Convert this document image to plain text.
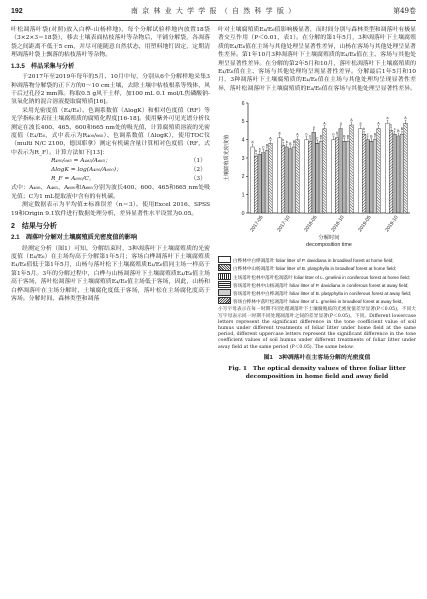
192	南 京 林 业 大 学 学 报 （ 自 然 科 学 版 ）	第49卷

叶松凋落叶袋(对照)放入白桦-山杨样地)，每个分解试验样地内放置18袋（3×2×3＝18袋），移去土壤表面枯枝落叶等杂物后，平铺分解袋，各凋落袋之间距离不低于5 cm，并尽可能随意自然状态，用塑料地钉固定，定期清理凋落叶袋上飘落的枯枝落叶等杂物。

1.3.5　样品采集与分析

于2017年至2019年每年的5月、10月中旬，分别从6个分解样地采集3种凋落物分解袋的正下方的0～10 cm土壤，去除土壤中枯枝根系等残体，风干后过孔径2 mm筛。称取0.5 g风干土样，加100 mL 0.1 mol/L焦磷酸钠-氢氧化钠的混合溶液提取腐殖质[16]。

采用光密度值（E₄/E₆）、色调系数值（ΔlogK）和相对色度值（RF）等光学指标来表征土壤腐殖质的腐殖化程度[16-18]。使用紫外可见光谱分析仪测定在波长400、465、600和665 nm处的吸光值，计算腐殖质溶液的光密度值（E₄/E₆，式中表示为R₄₀₀/₆₆₅）、色调系数值（ΔlogK），使用TOC仪（multi N/C 2100，德国耶拿）测定有机碳含量计算相对色度值（RF，式中表示为R_F）。计算方法如下[13]：

R₄₀₀/₆₆₅ = A₄₆₅/A₆₆₅；	（1）
ΔlogK = log(A₄₀₀/A₆₀₀)；	（2）
R_F = A₆₀₀/C。	（3）

式中：A₄₀₀、A₄₆₅、A₆₀₀和A₆₆₅分别为波长400、600、465和665 nm处吸光值；C为1 mL提取液中含有的有机碳。

测定数据表示为平均值±标准误差（n＝3）。使用Excel 2016、SPSS 19和Origin 9.1软件进行数据处理分析，差异显著性水平设置为0.05。

2　结果与分析
2.1　凋落叶分解对土壤腐殖质光密度值的影响

经测定分析（图1）可知，分解结束时，3种凋落叶下土壤腐殖质的光密度值（E₄/E₆）在主场均高于分解第1年5月；客场白桦凋落叶下土壤腐殖质E₄/E₆值低于第1年5月，山杨与落叶松下土壤腐殖质E₄/E₆值同主场一样高于第1年5月。3年的分解过程中，白桦与山杨凋落叶下土壤腐殖质E₄/E₆值主场高于客场，落叶松凋落叶下土壤腐殖质E₄/E₆值主场低于客场，因此，山杨和白桦凋落叶在主场分解时，土壤腐化度低于客场，落叶松在主场腐化度高于客场。分解时间、森林类型和凋落

叶对土壤腐殖质E₄/E₆值影响极显著，而时间分别与森林类型和凋落叶有极显著交互作用（P＜0.01，表1）。在分解的第1年5月，3种凋落叶下土壤腐殖质的E₄/E₆值在主场与其他处理呈显著性差异，山杨在客场与其他处理呈显著性差异。第1年10月3种凋落叶下土壤腐殖质的E₄/E₆值在主、客场与其他处理呈显著性差异。在分解的第2年5月和10月，落叶松凋落叶下土壤腐殖质的E₄/E₆值在主、客场与其他处理均呈现显著性差异。分解最后1年5月和10月，3种凋落叶下土壤腐殖质的E₄/E₆值在主场与其他处理均呈现显著性差异，落叶松凋落叶下土壤腐殖质的E₄/E₆值在客场与其他处理呈显著性差异。

0
1
2
3
4
5
6
土壤腐殖质光密度值	a
b b C B
A
2017-05
a
b b B B
A
2017-10
b b
a
C B
A
2018-05
b b
a
B B
A
2018-10
a
b
c B B
A
2019-05
a
b
c B B
A
2019-10
分解时间
decomposition time
白桦林中白桦凋落叶 foliar litter of P. davidiana in broadleaf forest at home field;
白桦林中山杨凋落叶 foliar litter of B. platyphylla in broadleaf forest at home field;
主场落叶松林中落叶松凋落叶 foliar litter of L. gmelinii in coniferous forest at home field;
客场落叶松林中山杨凋落叶 foliar litter of P. davidiana in coniferous forest at away field;
客场落叶松林中白桦凋落叶 foliar litter of B. platyphylla in coniferous forest at away field;
客场白桦林中落叶松凋落叶 foliar litter of L. gmelinii in broadleaf forest at away field。
小写字母表示在每一时期不同处理凋落叶下土壤腐殖质的光密度值差异显著(P＜0.05)，不同大写字母表示同一时期不同处理凋落叶之间的差异显著(P＜0.05)。下同。Different lowercase letters represent the significant difference in the tone coefficient value of soil humus under different treatments of foliar litter under home field at the same period, different uppercase letters represent the significant difference in the tone coefficient values of soil humus under different treatments of foliar litter under away field at the same period (P＜0.05). The same below.
图1　3种凋落叶在主客场分解的光密度值
Fig. 1　The optical density values of three foliar litter decomposition in home field and away field
